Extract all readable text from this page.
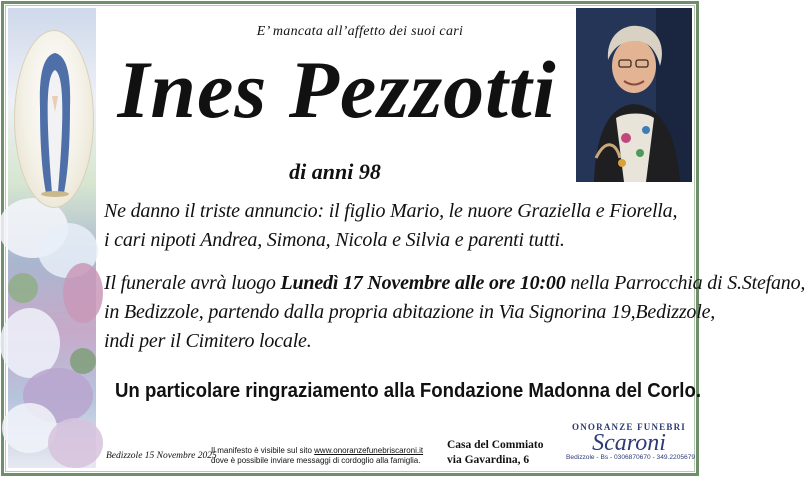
E’ mancata all’affetto dei suoi cari
Ines Pezzotti
di anni 98
Ne danno il triste annuncio: il figlio Mario, le nuore Graziella e Fiorella,
i cari nipoti Andrea, Simona, Nicola e Silvia e parenti tutti.
Il funerale avrà luogo Lunedì 17 Novembre alle ore 10:00 nella Parrocchia di S.Stefano,
in Bedizzole, partendo dalla propria abitazione in Via Signorina 19,Bedizzole,
indi per il Cimitero locale.
Un particolare ringraziamento alla Fondazione Madonna del Corlo.
Bedizzole 15 Novembre 2025
Il manifesto è visibile sul sito www.onoranzefunebriscaroni.it
dove è possibile inviare messaggi di cordoglio alla famiglia.
Casa del Commiato
via Gavardina, 6
ONORANZE FUNEBRI
Scaroni
Bedizzole - Bs - 0306870670 - 349.2205679
